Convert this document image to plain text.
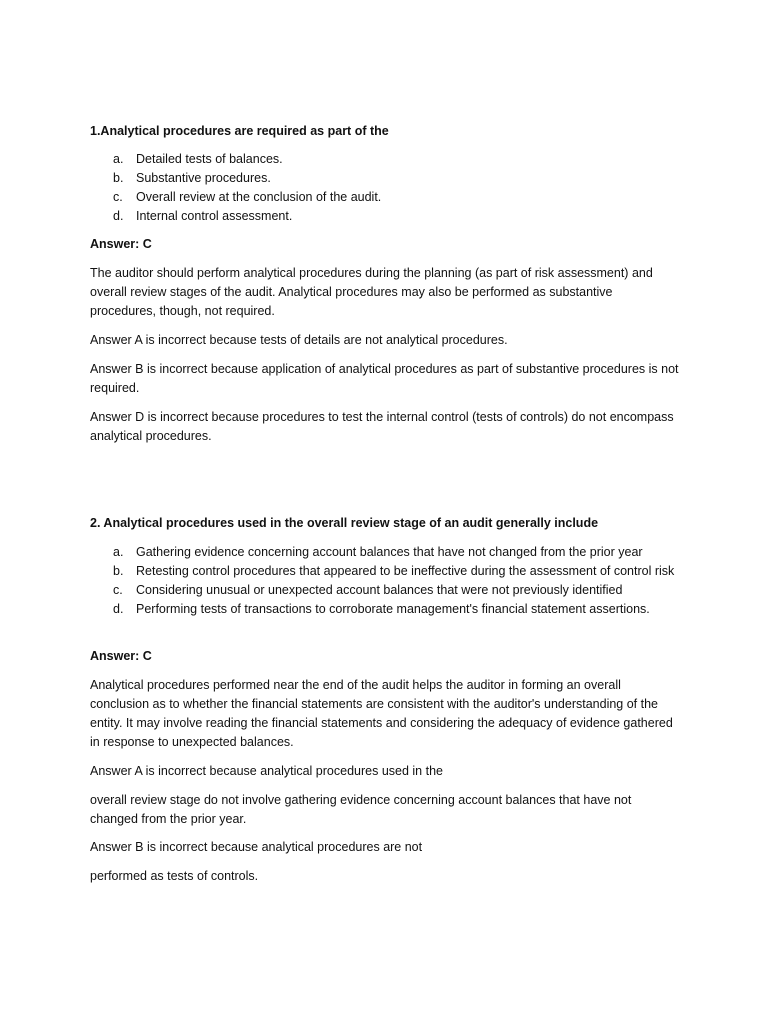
1.Analytical procedures are required as part of the
a. Detailed tests of balances.
b. Substantive procedures.
c. Overall review at the conclusion of the audit.
d. Internal control assessment.
Answer: C

The auditor should perform analytical procedures during the planning (as part of risk assessment) and overall review stages of the audit. Analytical procedures may also be performed as substantive procedures, though, not required.

Answer A is incorrect because tests of details are not analytical procedures.

Answer B is incorrect because application of analytical procedures as part of substantive procedures is not required.

Answer D is incorrect because procedures to test the internal control (tests of controls) do not encompass analytical procedures.

2. Analytical procedures used in the overall review stage of an audit generally include
a. Gathering evidence concerning account balances that have not changed from the prior year
b. Retesting control procedures that appeared to be ineffective during the assessment of control risk
c. Considering unusual or unexpected account balances that were not previously identified
d. Performing tests of transactions to corroborate management's financial statement assertions.
Answer: C

Analytical procedures performed near the end of the audit helps the auditor in forming an overall conclusion as to whether the financial statements are consistent with the auditor's understanding of the entity. It may involve reading the financial statements and considering the adequacy of evidence gathered in response to unexpected balances.

Answer A is incorrect because analytical procedures used in the

overall review stage do not involve gathering evidence concerning account balances that have not changed from the prior year.

Answer B is incorrect because analytical procedures are not

performed as tests of controls.
